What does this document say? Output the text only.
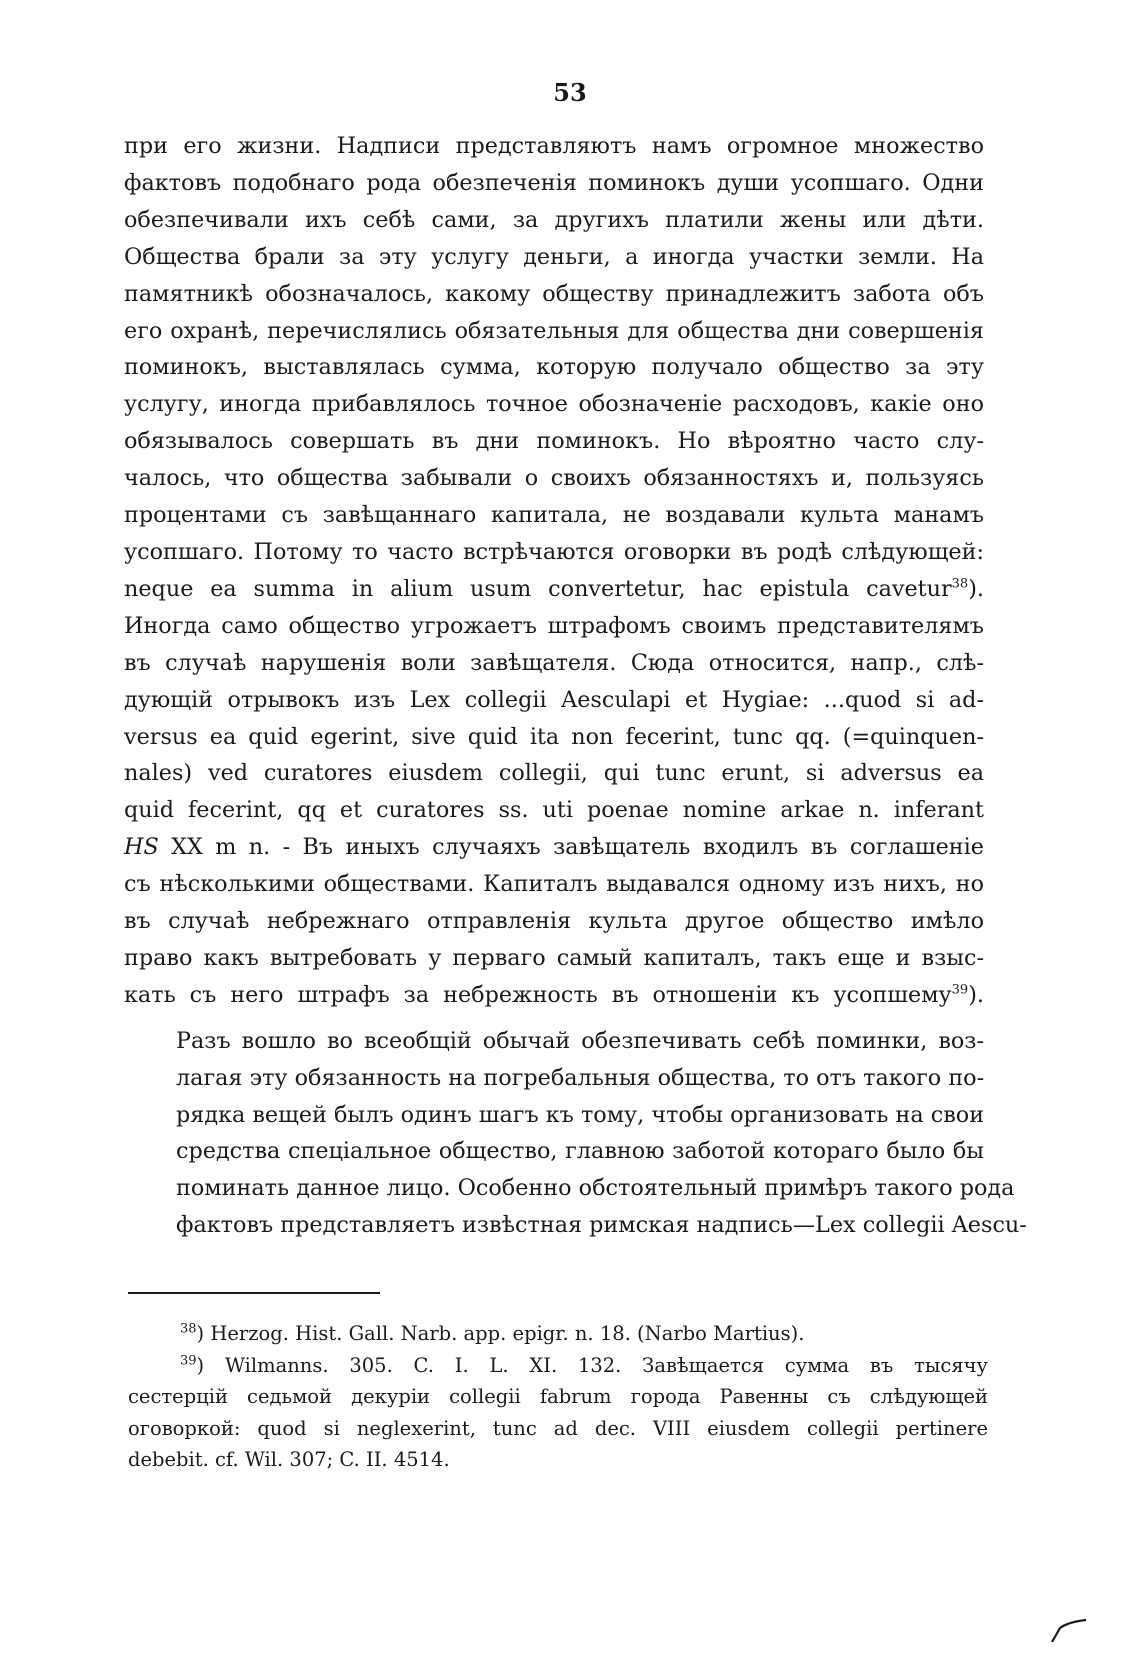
53

при его жизни. Надписи представляютъ намъ огромное множество
фактовъ подобнаго рода обезпеченія поминокъ души усопшаго. Одни
обезпечивали ихъ себѣ сами, за другихъ платили жены или дѣти.
Общества брали за эту услугу деньги, а иногда участки земли. На
памятникѣ обозначалось, какому обществу принадлежитъ забота объ
его охранѣ, перечислялись обязательныя для общества дни совершенія
поминокъ, выставлялась сумма, которую получало общество за эту
услугу, иногда прибавлялось точное обозначеніе расходовъ, какіе оно
обязывалось совершать въ дни поминокъ. Но вѣроятно часто слу-
чалось, что общества забывали о своихъ обязанностяхъ и, пользуясь
процентами съ завѣщаннаго капитала, не воздавали культа манамъ
усопшаго. Потому то часто встрѣчаются оговорки въ родѣ слѣдующей:
neque ea summa in alium usum convertetur, hac epistula cavetur$^{38}$).
Иногда само общество угрожаетъ штрафомъ своимъ представителямъ
въ случаѣ нарушенія воли завѣщателя. Сюда относится, напр., слѣ-
дующій отрывокъ изъ Lex collegii Aesculapi et Hygiae: ...quod si ad-
versus ea quid egerint, sive quid ita non fecerint, tunc qq. (=quinquen-
nales) ved curatores eiusdem collegii, qui tunc erunt, si adversus ea
quid fecerint, qq et curatores ss. uti poenae nomine arkae n. inferant
HS XX m n. - Въ иныхъ случаяхъ завѣщатель входилъ въ соглашеніе
съ нѣсколькими обществами. Капиталъ выдавался одному изъ нихъ, но
въ случаѣ небрежнаго отправленія культа другое общество имѣло
право какъ вытребовать у перваго самый капиталъ, такъ еще и взыс-
кать съ него штрафъ за небрежность въ отношеніи къ усопшему$^{39}$).

Разъ вошло во всеобщій обычай обезпечивать себѣ поминки, воз-
лагая эту обязанность на погребальныя общества, то отъ такого по-
рядка вещей былъ одинъ шагъ къ тому, чтобы организовать на свои
средства спеціальное общество, главною заботой котораго было бы
поминать данное лицо. Особенно обстоятельный примѣръ такого рода
фактовъ представляетъ извѣстная римская надпись—Lex collegii Aescu-

$^{38}$) Herzog. Hist. Gall. Narb. app. epigr. n. 18. (Narbo Martius).
$^{39}$) Wilmanns. 305. C. I. L. XI. 132. Завѣщается сумма въ тысячу
сестерцій седьмой декуріи collegii fabrum города Равенны съ слѣдующей
оговоркой: quod si neglexerint, tunc ad dec. VIII eiusdem collegii pertinere
debebit. cf. Wil. 307; C. II. 4514.
